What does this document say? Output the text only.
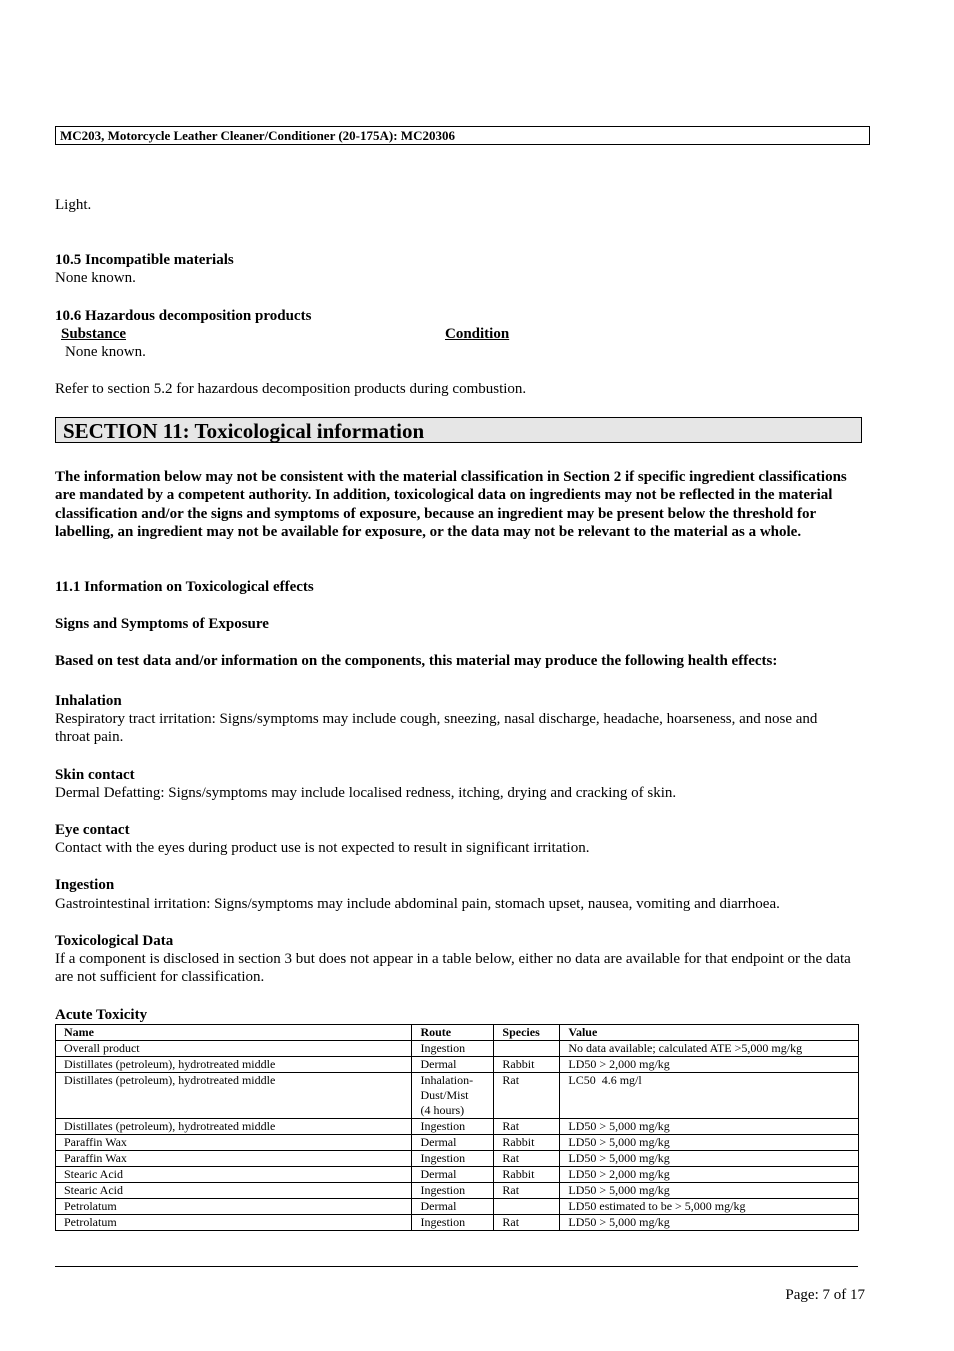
MC203, Motorcycle Leather Cleaner/Conditioner (20-175A): MC20306
Light.
10.5 Incompatible materials
None known.
10.6 Hazardous decomposition products
Substance	Condition
None known.
Refer to section 5.2 for hazardous decomposition products during combustion.
SECTION 11: Toxicological information
The information below may not be consistent with the material classification in Section 2 if specific ingredient classifications are mandated by a competent authority. In addition, toxicological data on ingredients may not be reflected in the material classification and/or the signs and symptoms of exposure, because an ingredient may be present below the threshold for labelling, an ingredient may not be available for exposure, or the data may not be relevant to the material as a whole.
11.1 Information on Toxicological effects
Signs and Symptoms of Exposure
Based on test data and/or information on the components, this material may produce the following health effects:
Inhalation
Respiratory tract irritation: Signs/symptoms may include cough, sneezing, nasal discharge, headache, hoarseness, and nose and throat pain.
Skin contact
Dermal Defatting: Signs/symptoms may include localised redness, itching, drying and cracking of skin.
Eye contact
Contact with the eyes during product use is not expected to result in significant irritation.
Ingestion
Gastrointestinal irritation: Signs/symptoms may include abdominal pain, stomach upset, nausea, vomiting and diarrhoea.
Toxicological Data
If a component is disclosed in section 3 but does not appear in a table below, either no data are available for that endpoint or the data are not sufficient for classification.
Acute Toxicity
Name	Route	Species	Value
Overall product	Ingestion		No data available; calculated ATE >5,000 mg/kg
Distillates (petroleum), hydrotreated middle	Dermal	Rabbit	LD50 > 2,000 mg/kg
Distillates (petroleum), hydrotreated middle	Inhalation-
Dust/Mist
(4 hours)	Rat	LC50  4.6 mg/l
Distillates (petroleum), hydrotreated middle	Ingestion	Rat	LD50 > 5,000 mg/kg
Paraffin Wax	Dermal	Rabbit	LD50 > 5,000 mg/kg
Paraffin Wax	Ingestion	Rat	LD50 > 5,000 mg/kg
Stearic Acid	Dermal	Rabbit	LD50 > 2,000 mg/kg
Stearic Acid	Ingestion	Rat	LD50 > 5,000 mg/kg
Petrolatum	Dermal		LD50 estimated to be > 5,000 mg/kg
Petrolatum	Ingestion	Rat	LD50 > 5,000 mg/kg
Page: 7 of 17
